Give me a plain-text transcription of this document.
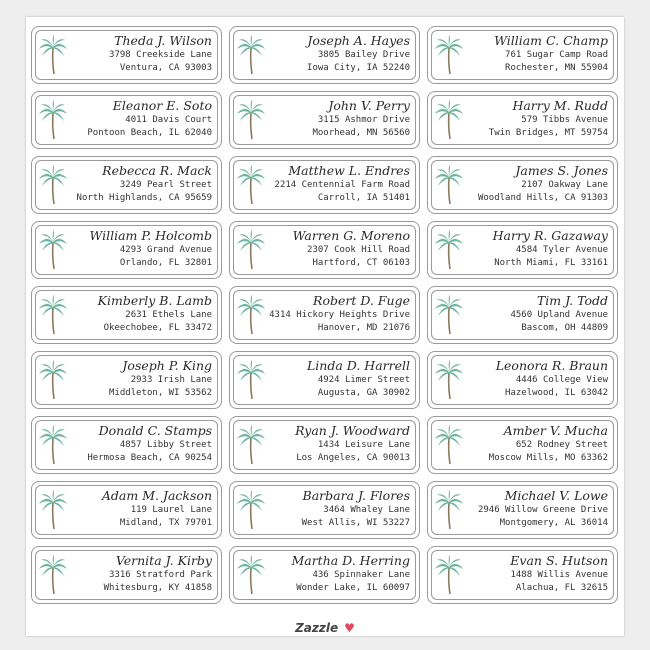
Theda J. Wilson
3798 Creekside Lane
Ventura, CA 93003
Joseph A. Hayes
3805 Bailey Drive
Iowa City, IA 52240
William C. Champ
761 Sugar Camp Road
Rochester, MN 55904
Eleanor E. Soto
4011 Davis Court
Pontoon Beach, IL 62040
John V. Perry
3115 Ashmor Drive
Moorhead, MN 56560
Harry M. Rudd
579 Tibbs Avenue
Twin Bridges, MT 59754
Rebecca R. Mack
3249 Pearl Street
North Highlands, CA 95659
Matthew L. Endres
2214 Centennial Farm Road
Carroll, IA 51401
James S. Jones
2107 Oakway Lane
Woodland Hills, CA 91303
William P. Holcomb
4293 Grand Avenue
Orlando, FL 32801
Warren G. Moreno
2307 Cook Hill Road
Hartford, CT 06103
Harry R. Gazaway
4584 Tyler Avenue
North Miami, FL 33161
Kimberly B. Lamb
2631 Ethels Lane
Okeechobee, FL 33472
Robert D. Fuge
4314 Hickory Heights Drive
Hanover, MD 21076
Tim J. Todd
4560 Upland Avenue
Bascom, OH 44809
Joseph P. King
2933 Irish Lane
Middleton, WI 53562
Linda D. Harrell
4924 Limer Street
Augusta, GA 30902
Leonora R. Braun
4446 College View
Hazelwood, IL 63042
Donald C. Stamps
4857 Libby Street
Hermosa Beach, CA 90254
Ryan J. Woodward
1434 Leisure Lane
Los Angeles, CA 90013
Amber V. Mucha
652 Rodney Street
Moscow Mills, MO 63362
Adam M. Jackson
119 Laurel Lane
Midland, TX 79701
Barbara J. Flores
3464 Whaley Lane
West Allis, WI 53227
Michael V. Lowe
2946 Willow Greene Drive
Montgomery, AL 36014
Vernita J. Kirby
3316 Stratford Park
Whitesburg, KY 41858
Martha D. Herring
436 Spinnaker Lane
Wonder Lake, IL 60097
Evan S. Hutson
1488 Willis Avenue
Alachua, FL 32615
Zazzle ♥
